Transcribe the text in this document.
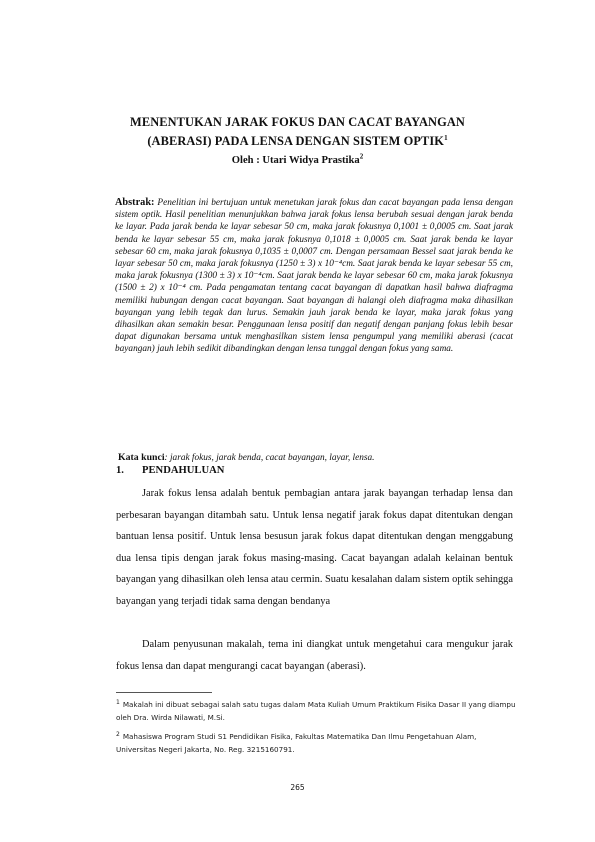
MENENTUKAN JARAK FOKUS DAN CACAT BAYANGAN
(ABERASI) PADA LENSA DENGAN SISTEM OPTIK$^1$
Oleh : Utari Widya Prastika$^2$
Abstrak: Penelitian ini bertujuan untuk menetukan jarak fokus dan cacat bayangan pada lensa dengan sistem optik. Hasil penelitian menunjukkan bahwa jarak fokus lensa berubah sesuai dengan jarak benda ke layar. Pada jarak benda ke layar sebesar 50 cm, maka jarak fokusnya 0,1001 ± 0,0005 cm. Saat jarak benda ke layar sebesar 55 cm, maka jarak fokusnya 0,1018 ± 0,0005 cm. Saat jarak benda ke layar sebesar 60 cm, maka jarak fokusnya 0,1035 ± 0,0007 cm. Dengan persamaan Bessel saat jarak benda ke layar sebesar 50 cm, maka jarak fokusnya (1250 ± 3) x 10⁻⁴cm. Saat jarak benda ke layar sebesar 55 cm, maka jarak fokusnya (1300 ± 3) x 10⁻⁴cm. Saat jarak benda ke layar sebesar 60 cm, maka jarak fokusnya (1500 ± 2) x 10⁻⁴ cm. Pada pengamatan tentang cacat bayangan di dapatkan hasil bahwa diafragma memiliki hubungan dengan cacat bayangan. Saat bayangan di halangi oleh diafragma maka dihasilkan bayangan yang lebih tegak dan lurus. Semakin jauh jarak benda ke layar, maka jarak fokus yang dihasilkan akan semakin besar. Penggunaan lensa positif dan negatif dengan panjang fokus lebih besar dapat digunakan bersama untuk menghasilkan sistem lensa pengumpul yang memiliki aberasi (cacat bayangan) jauh lebih sedikit dibandingkan dengan lensa tunggal dengan fokus yang sama.
Kata kunci: jarak fokus, jarak benda, cacat bayangan, layar, lensa.
1. PENDAHULUAN

Jarak fokus lensa adalah bentuk pembagian antara jarak bayangan terhadap lensa dan perbesaran bayangan ditambah satu. Untuk lensa negatif jarak fokus dapat ditentukan dengan bantuan lensa positif. Untuk lensa besusun jarak fokus dapat ditentukan dengan menggabung dua lensa tipis dengan jarak fokus masing-masing. Cacat bayangan adalah kelainan bentuk bayangan yang dihasilkan oleh lensa atau cermin. Suatu kesalahan dalam sistem optik sehingga bayangan yang terjadi tidak sama dengan bendanya

Dalam penyusunan makalah, tema ini diangkat untuk mengetahui cara mengukur jarak fokus lensa dan dapat mengurangi cacat bayangan (aberasi).

$^1$ Makalah ini dibuat sebagai salah satu tugas dalam Mata Kuliah Umum Praktikum Fisika Dasar II yang diampu oleh Dra. Wirda Nilawati, M.Si.
$^2$ Mahasiswa Program Studi S1 Pendidikan Fisika, Fakultas Matematika Dan Ilmu Pengetahuan Alam, Universitas Negeri Jakarta, No. Reg. 3215160791.
265
